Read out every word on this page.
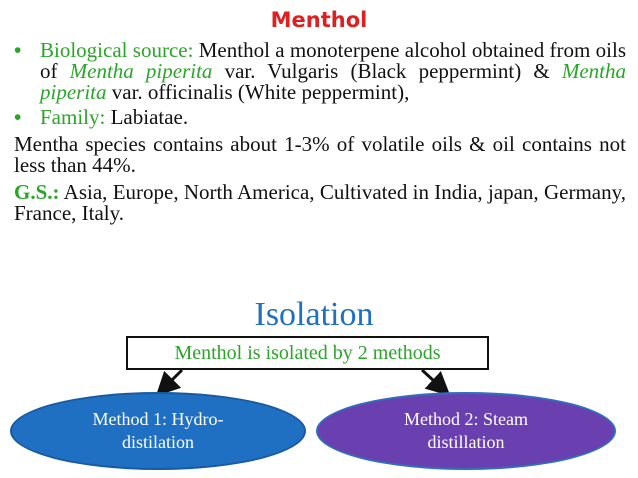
Menthol
• Biological source: Menthol a monoterpene alcohol obtained from oils of Mentha piperita var. Vulgaris (Black peppermint) & Mentha piperita var. officinalis (White peppermint),
• Family: Labiatae.
Mentha species contains about 1-3% of volatile oils & oil contains not less than 44%.
G.S.: Asia, Europe, North America, Cultivated in India, japan, Germany, France, Italy.
Isolation
Menthol is isolated by 2 methods
Method 1: Hydro-
distilation
Method 2: Steam
distillation
